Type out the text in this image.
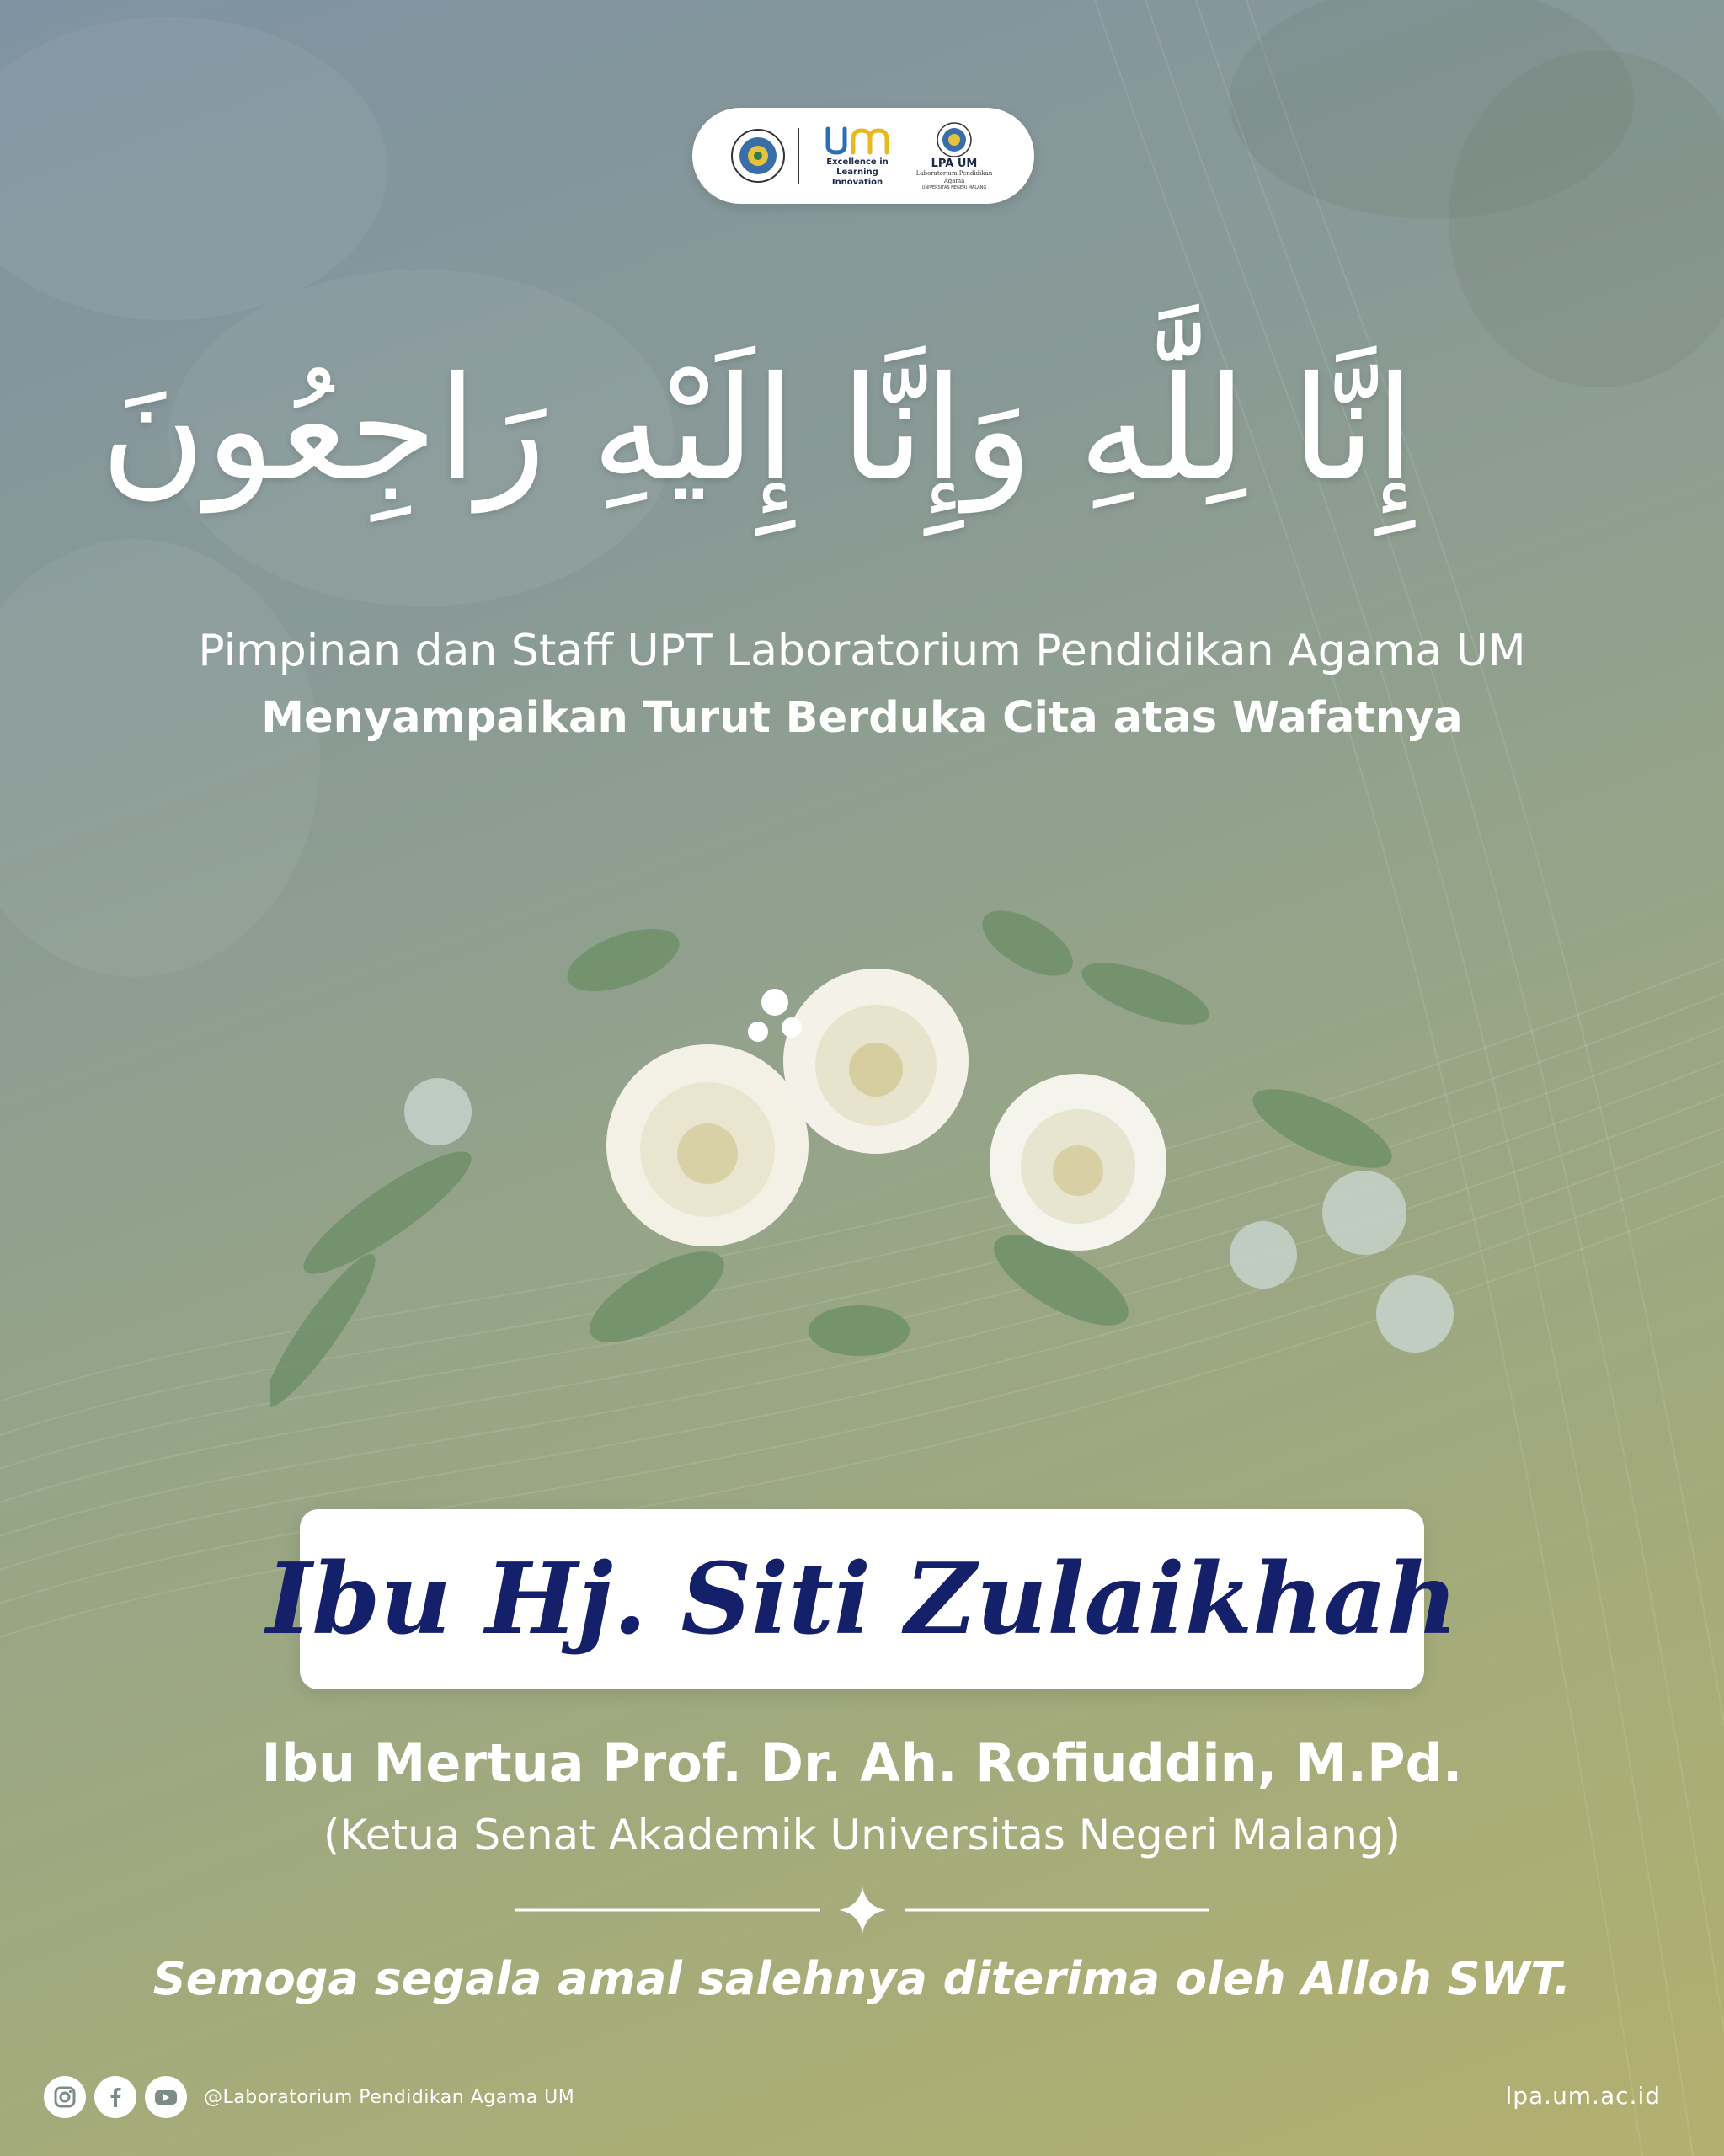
Excellence in
Learning Innovation
LPA UM
Laboratorium Pendidikan Agama
UNIVERSITAS NEGERI MALANG
إِنَّا لِلَّٰهِ وَإِنَّا إِلَيْهِ رَاجِعُونَ
Pimpinan dan Staff UPT Laboratorium Pendidikan Agama UM
Menyampaikan Turut Berduka Cita atas Wafatnya
Ibu Hj. Siti Zulaikhah
Ibu Mertua Prof. Dr. Ah. Rofiuddin, M.Pd.
(Ketua Senat Akademik Universitas Negeri Malang)
Semoga segala amal salehnya diterima oleh Alloh SWT.
@Laboratorium Pendidikan Agama UM	lpa.um.ac.id
